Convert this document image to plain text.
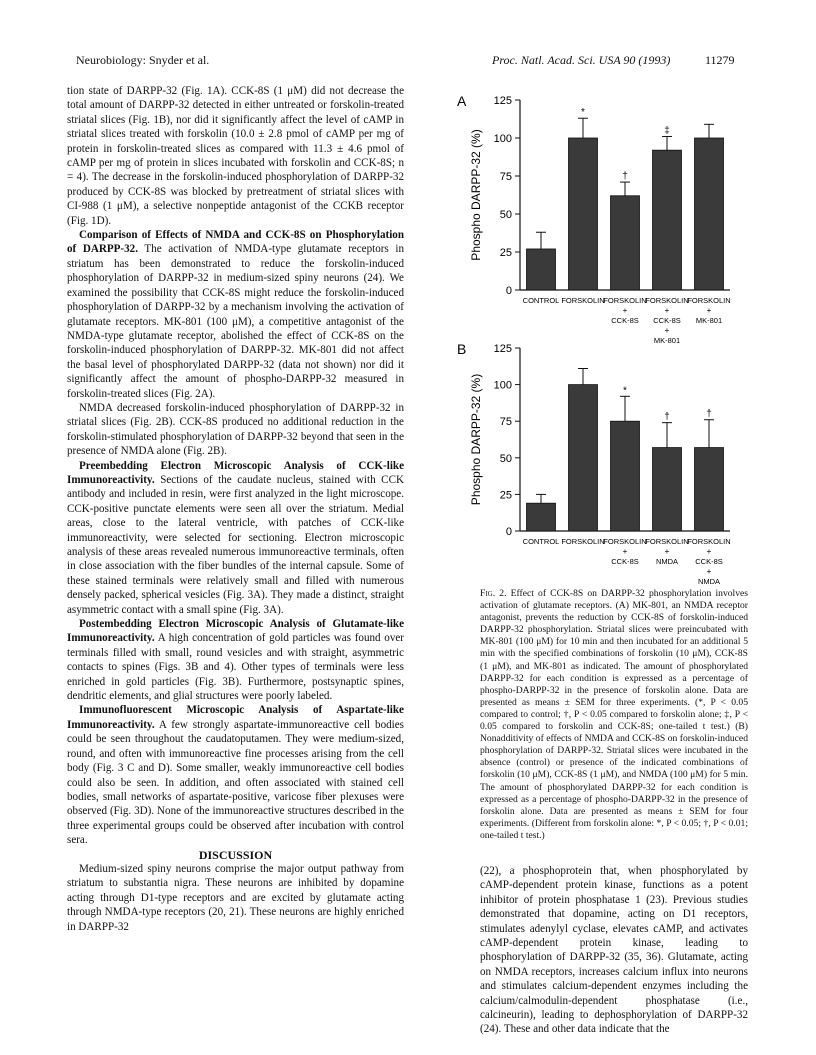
Neurobiology: Snyder et al.	Proc. Natl. Acad. Sci. USA 90 (1993)	11279

tion state of DARPP-32 (Fig. 1A). CCK-8S (1 μM) did not decrease the total amount of DARPP-32 detected in either untreated or forskolin-treated striatal slices (Fig. 1B), nor did it significantly affect the level of cAMP in striatal slices treated with forskolin (10.0 ± 2.8 pmol of cAMP per mg of protein in forskolin-treated slices as compared with 11.3 ± 4.6 pmol of cAMP per mg of protein in slices incubated with forskolin and CCK-8S; n = 4). The decrease in the forskolin-induced phosphorylation of DARPP-32 produced by CCK-8S was blocked by pretreatment of striatal slices with CI-988 (1 μM), a selective nonpeptide antagonist of the CCKB receptor (Fig. 1D).

Comparison of Effects of NMDA and CCK-8S on Phosphorylation of DARPP-32. The activation of NMDA-type glutamate receptors in striatum has been demonstrated to reduce the forskolin-induced phosphorylation of DARPP-32 in medium-sized spiny neurons (24). We examined the possibility that CCK-8S might reduce the forskolin-induced phosphorylation of DARPP-32 by a mechanism involving the activation of glutamate receptors. MK-801 (100 μM), a competitive antagonist of the NMDA-type glutamate receptor, abolished the effect of CCK-8S on the forskolin-induced phosphorylation of DARPP-32. MK-801 did not affect the basal level of phosphorylated DARPP-32 (data not shown) nor did it significantly affect the amount of phospho-DARPP-32 measured in forskolin-treated slices (Fig. 2A).

NMDA decreased forskolin-induced phosphorylation of DARPP-32 in striatal slices (Fig. 2B). CCK-8S produced no additional reduction in the forskolin-stimulated phosphorylation of DARPP-32 beyond that seen in the presence of NMDA alone (Fig. 2B).

Preembedding Electron Microscopic Analysis of CCK-like Immunoreactivity. Sections of the caudate nucleus, stained with CCK antibody and included in resin, were first analyzed in the light microscope. CCK-positive punctate elements were seen all over the striatum. Medial areas, close to the lateral ventricle, with patches of CCK-like immunoreactivity, were selected for sectioning. Electron microscopic analysis of these areas revealed numerous immunoreactive terminals, often in close association with the fiber bundles of the internal capsule. Some of these stained terminals were relatively small and filled with numerous densely packed, spherical vesicles (Fig. 3A). They made a distinct, straight asymmetric contact with a small spine (Fig. 3A).

Postembedding Electron Microscopic Analysis of Glutamate-like Immunoreactivity. A high concentration of gold particles was found over terminals filled with small, round vesicles and with straight, asymmetric contacts to spines (Figs. 3B and 4). Other types of terminals were less enriched in gold particles (Fig. 3B). Furthermore, postsynaptic spines, dendritic elements, and glial structures were poorly labeled.

Immunofluorescent Microscopic Analysis of Aspartate-like Immunoreactivity. A few strongly aspartate-immunoreactive cell bodies could be seen throughout the caudatoputamen. They were medium-sized, round, and often with immunoreactive fine processes arising from the cell body (Fig. 3 C and D). Some smaller, weakly immunoreactive cell bodies could also be seen. In addition, and often associated with stained cell bodies, small networks of aspartate-positive, varicose fiber plexuses were observed (Fig. 3D). None of the immunoreactive structures described in the three experimental groups could be observed after incubation with control sera.

DISCUSSION

Medium-sized spiny neurons comprise the major output pathway from striatum to substantia nigra. These neurons are inhibited by dopamine acting through D1-type receptors and are excited by glutamate acting through NMDA-type receptors (20, 21). These neurons are highly enriched in DARPP-32

A
Phospho DARPP-32 (%)
0
25
50
75
100
125
CONTROL
*
FORSKOLIN
†
FORSKOLIN
+
CCK-8S
‡
FORSKOLIN
+
CCK-8S
+
MK-801
FORSKOLIN
+
MK-801
B
Phospho DARPP-32 (%)
0
25
50
75
100
125
CONTROL FORSKOLIN
*
FORSKOLIN
+
CCK-8S
†
FORSKOLIN
+
NMDA
†
FORSKOLIN
+
CCK-8S
+
NMDA
Fig. 2. Effect of CCK-8S on DARPP-32 phosphorylation involves activation of glutamate receptors. (A) MK-801, an NMDA receptor antagonist, prevents the reduction by CCK-8S of forskolin-induced DARPP-32 phosphorylation. Striatal slices were preincubated with MK-801 (100 μM) for 10 min and then incubated for an additional 5 min with the specified combinations of forskolin (10 μM), CCK-8S (1 μM), and MK-801 as indicated. The amount of phosphorylated DARPP-32 for each condition is expressed as a percentage of phospho-DARPP-32 in the presence of forskolin alone. Data are presented as means ± SEM for three experiments. (*, P < 0.05 compared to control; †, P < 0.05 compared to forskolin alone; ‡, P < 0.05 compared to forskolin and CCK-8S; one-tailed t test.) (B) Nonadditivity of effects of NMDA and CCK-8S on forskolin-induced phosphorylation of DARPP-32. Striatal slices were incubated in the absence (control) or presence of the indicated combinations of forskolin (10 μM), CCK-8S (1 μM), and NMDA (100 μM) for 5 min. The amount of phosphorylated DARPP-32 for each condition is expressed as a percentage of phospho-DARPP-32 in the presence of forskolin alone. Data are presented as means ± SEM for four experiments. (Different from forskolin alone: *, P < 0.05; †, P < 0.01; one-tailed t test.)

(22), a phosphoprotein that, when phosphorylated by cAMP-dependent protein kinase, functions as a potent inhibitor of protein phosphatase 1 (23). Previous studies demonstrated that dopamine, acting on D1 receptors, stimulates adenylyl cyclase, elevates cAMP, and activates cAMP-dependent protein kinase, leading to phosphorylation of DARPP-32 (35, 36). Glutamate, acting on NMDA receptors, increases calcium influx into neurons and stimulates calcium-dependent enzymes including the calcium/calmodulin-dependent phosphatase (i.e., calcineurin), leading to dephosphorylation of DARPP-32 (24). These and other data indicate that the
